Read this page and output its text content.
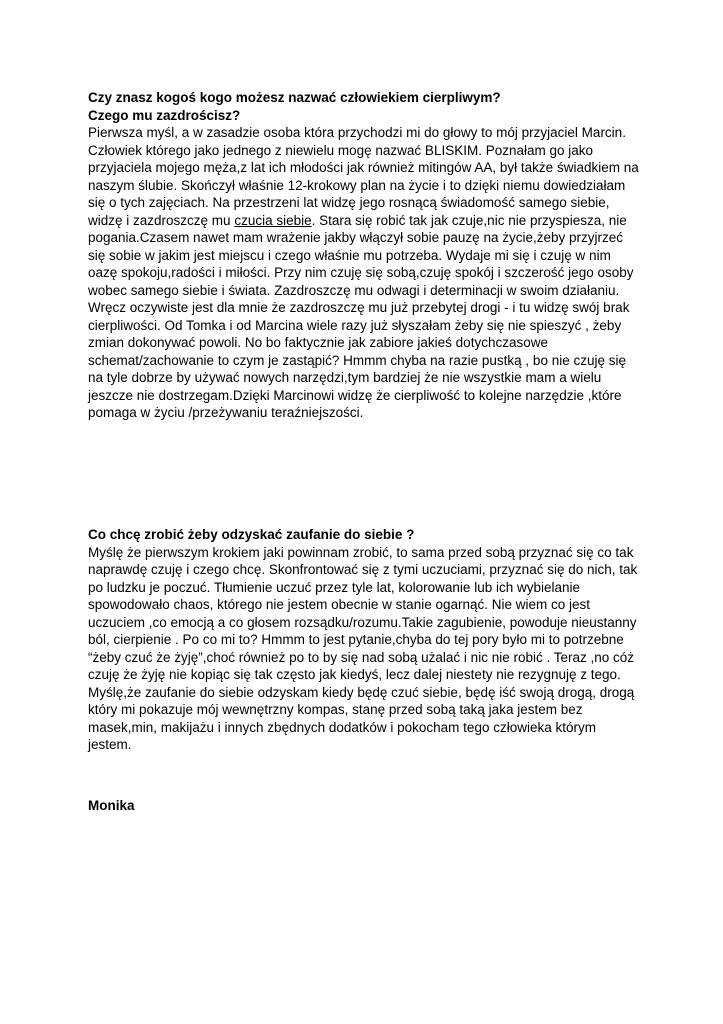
Czy znasz kogoś kogo możesz nazwać człowiekiem cierpliwym?
Czego mu zazdrościsz?
Pierwsza myśl, a w zasadzie osoba która przychodzi mi do głowy to mój przyjaciel Marcin.
Człowiek którego jako jednego z niewielu mogę nazwać BLISKIM. Poznałam go jako
przyjaciela mojego męża,z lat ich młodości jak również mitingów AA, był także świadkiem na
naszym ślubie. Skończył właśnie 12-krokowy plan na życie i to dzięki niemu dowiedziałam
się o tych zajęciach. Na przestrzeni lat widzę jego rosnącą świadomość samego siebie,
widzę i zazdroszczę mu czucia siebie. Stara się robić tak jak czuje,nic nie przyspiesza, nie
pogania.Czasem nawet mam wrażenie jakby włączył sobie pauzę na życie,żeby przyjrzeć
się sobie w jakim jest miejscu i czego właśnie mu potrzeba. Wydaje mi się i czuję w nim
oazę spokoju,radości i miłości. Przy nim czuję się sobą,czuję spokój i szczerość jego osoby
wobec samego siebie i świata. Zazdroszczę mu odwagi i determinacji w swoim działaniu.
Wręcz oczywiste jest dla mnie że zazdroszczę mu już przebytej drogi - i tu widzę swój brak
cierpliwości. Od Tomka i od Marcina wiele razy już słyszałam żeby się nie spieszyć , żeby
zmian dokonywać powoli. No bo faktycznie jak zabiore jakieś dotychczasowe
schemat/zachowanie to czym je zastąpić? Hmmm chyba na razie pustką , bo nie czuję się
na tyle dobrze by używać nowych narzędzi,tym bardziej że nie wszystkie mam a wielu
jeszcze nie dostrzegam.Dzięki Marcinowi widzę że cierpliwość to kolejne narzędzie ,które
pomaga w życiu /przeżywaniu teraźniejszości.
Co chcę zrobić żeby odzyskać zaufanie do siebie ?
Myślę że pierwszym krokiem jaki powinnam zrobić, to sama przed sobą przyznać się co tak
naprawdę czuję i czego chcę. Skonfrontować się z tymi uczuciami, przyznać się do nich, tak
po ludzku je poczuć. Tłumienie uczuć przez tyle lat, kolorowanie lub ich wybielanie
spowodowało chaos, którego nie jestem obecnie w stanie ogarnąć. Nie wiem co jest
uczuciem ,co emocją a co głosem rozsądku/rozumu.Takie zagubienie, powoduje nieustanny
ból, cierpienie . Po co mi to? Hmmm to jest pytanie,chyba do tej pory było mi to potrzebne
“żeby czuć że żyję”,choć również po to by się nad sobą użalać i nic nie robić . Teraz ,no cóż
czuję że żyję nie kopiąc się tak często jak kiedyś, lecz dalej niestety nie rezygnuję z tego.
Myślę,że zaufanie do siebie odzyskam kiedy będę czuć siebie, będę iść swoją drogą, drogą
który mi pokazuje mój wewnętrzny kompas, stanę przed sobą taką jaka jestem bez
masek,min, makijażu i innych zbędnych dodatków i pokocham tego człowieka którym
jestem.
Monika
